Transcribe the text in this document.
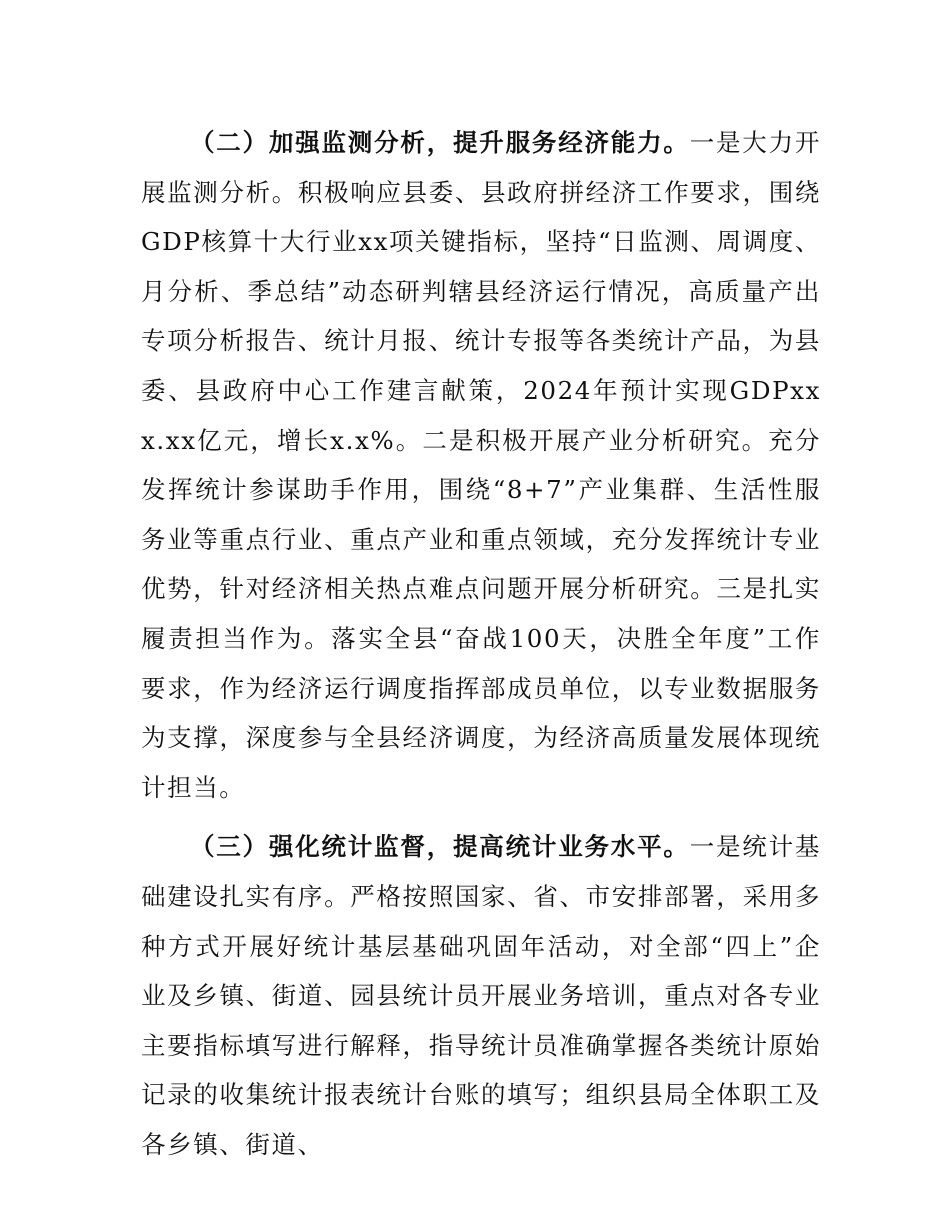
（二）加强监测分析，提升服务经济能力。一是大力开展监测分析。积极响应县委、县政府拼经济工作要求，围绕GDP核算十大行业xx项关键指标，坚持“日监测、周调度、月分析、季总结”动态研判辖县经济运行情况，高质量产出专项分析报告、统计月报、统计专报等各类统计产品，为县委、县政府中心工作建言献策，2024年预计实现GDPxxx.xx亿元，增长x.x%。二是积极开展产业分析研究。充分发挥统计参谋助手作用，围绕“8+7”产业集群、生活性服务业等重点行业、重点产业和重点领域，充分发挥统计专业优势，针对经济相关热点难点问题开展分析研究。三是扎实履责担当作为。落实全县“奋战100天，决胜全年度”工作要求，作为经济运行调度指挥部成员单位，以专业数据服务为支撑，深度参与全县经济调度，为经济高质量发展体现统计担当。

（三）强化统计监督，提高统计业务水平。一是统计基础建设扎实有序。严格按照国家、省、市安排部署，采用多种方式开展好统计基层基础巩固年活动，对全部“四上”企业及乡镇、街道、园县统计员开展业务培训，重点对各专业主要指标填写进行解释，指导统计员准确掌握各类统计原始记录的收集统计报表统计台账的填写；组织县局全体职工及各乡镇、街道、
